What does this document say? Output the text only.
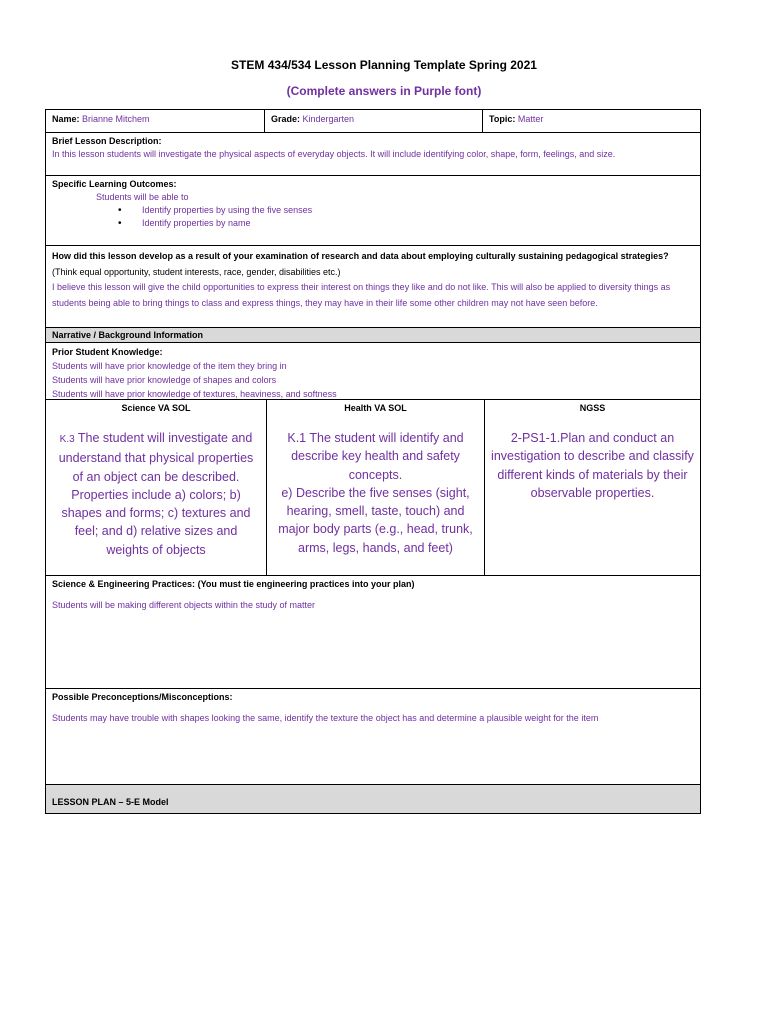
STEM 434/534 Lesson Planning Template Spring 2021
(Complete answers in Purple font)
Name: Brianne Mitchem	Grade: Kindergarten	Topic: Matter
Brief Lesson Description:
In this lesson students will investigate the physical aspects of everyday objects. It will include identifying color, shape, form, feelings, and size.
Specific Learning Outcomes:
Students will be able to
• Identify properties by using the five senses
• Identify properties by name
How did this lesson develop as a result of your examination of research and data about employing culturally sustaining pedagogical strategies? (Think equal opportunity, student interests, race, gender, disabilities etc.)
I believe this lesson will give the child opportunities to express their interest on things they like and do not like. This will also be applied to diversity things as students being able to bring things to class and express things, they may have in their life some other children may not have seen before.
Narrative / Background Information
Prior Student Knowledge:
Students will have prior knowledge of the item they bring in
Students will have prior knowledge of shapes and colors
Students will have prior knowledge of textures, heaviness, and softness
Science VA SOL
K.3 The student will investigate and understand that physical properties of an object can be described. Properties include a) colors; b) shapes and forms; c) textures and feel; and d) relative sizes and weights of objects
Health VA SOL
K.1 The student will identify and describe key health and safety concepts.
e) Describe the five senses (sight, hearing, smell, taste, touch) and major body parts (e.g., head, trunk, arms, legs, hands, and feet)
NGSS
2-PS1-1.Plan and conduct an investigation to describe and classify different kinds of materials by their observable properties.
Science & Engineering Practices: (You must tie engineering practices into your plan)
Students will be making different objects within the study of matter
Possible Preconceptions/Misconceptions:
Students may have trouble with shapes looking the same, identify the texture the object has and determine a plausible weight for the item
LESSON PLAN – 5-E Model
